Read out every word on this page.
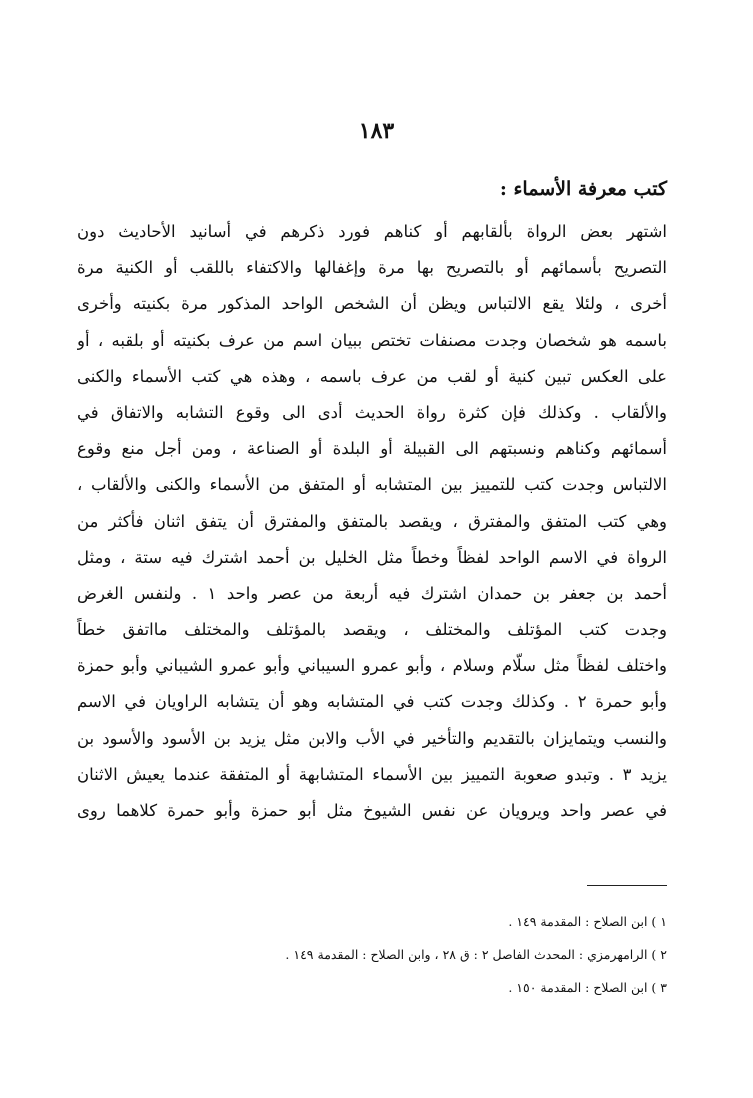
١٨٣
كتب معرفة الأسماء :
اشتهر بعض الرواة بألقابهم أو كناهم فورد ذكرهم في أسانيد الأحاديث دون
التصريح بأسمائهم أو بالتصريح بها مرة وإغفالها والاكتفاء باللقب أو الكنية مرة
أخرى ، ولئلا يقع الالتباس ويظن أن الشخص الواحد المذكور مرة بكنيته وأخرى
باسمه هو شخصان وجدت مصنفات تختص ببيان اسم من عرف بكنيته أو بلقبه ، أو
على العكس تبين كنية أو لقب من عرف باسمه ، وهذه هي كتب الأسماء والكنى
والألقاب . وكذلك فإن كثرة رواة الحديث أدى الى وقوع التشابه والاتفاق في
أسمائهم وكناهم ونسبتهم الى القبيلة أو البلدة أو الصناعة ، ومن أجل منع وقوع
الالتباس وجدت كتب للتمييز بين المتشابه أو المتفق من الأسماء والكنى والألقاب ،
وهي كتب المتفق والمفترق ، ويقصد بالمتفق والمفترق أن يتفق اثنان فأكثر من
الرواة في الاسم الواحد لفظاً وخطاً مثل الخليل بن أحمد اشترك فيه ستة ، ومثل
أحمد بن جعفر بن حمدان اشترك فيه أربعة من عصر واحد ١ . ولنفس الغرض
وجدت كتب المؤتلف والمختلف ، ويقصد بالمؤتلف والمختلف مااتفق خطاً
واختلف لفظاً مثل سلّام وسلام ، وأبو عمرو السيباني وأبو عمرو الشيباني وأبو حمزة
وأبو حمرة ٢ . وكذلك وجدت كتب في المتشابه وهو أن يتشابه الراويان في الاسم
والنسب ويتمايزان بالتقديم والتأخير في الأب والابن مثل يزيد بن الأسود والأسود بن
يزيد ٣ . وتبدو صعوبة التمييز بين الأسماء المتشابهة أو المتفقة عندما يعيش الاثنان
في عصر واحد ويرويان عن نفس الشيوخ مثل أبو حمزة وأبو حمرة كلاهما روى
١ ) ابن الصلاح : المقدمة ١٤٩ .
٢ ) الرامهرمزي : المحدث الفاصل ٢ : ق ٢٨ ، وابن الصلاح : المقدمة ١٤٩ .
٣ ) ابن الصلاح : المقدمة ١٥٠ .
